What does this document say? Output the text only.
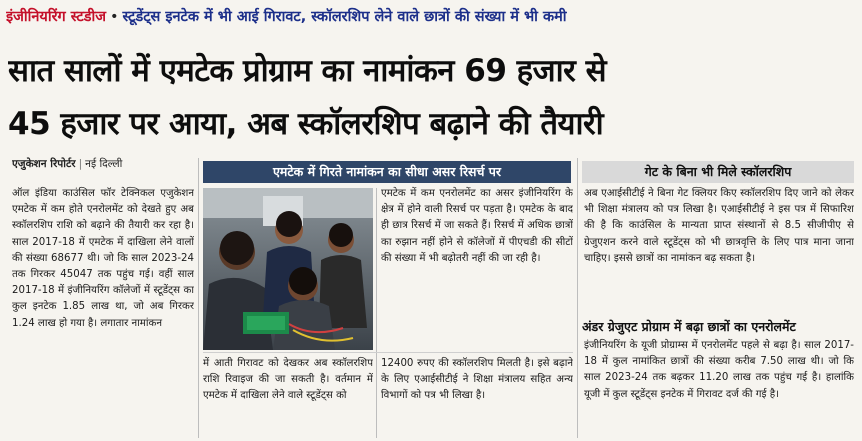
इंजीनियरिंग स्टडीज • स्टूडेंट्स इनटेक में भी आई गिरावट, स्कॉलरशिप लेने वाले छात्रों की संख्या में भी कमी
सात सालों में एमटेक प्रोग्राम का नामांकन 69 हजार से
45 हजार पर आया, अब स्कॉलरशिप बढ़ाने की तैयारी
एजुकेशन रिपोर्टर | नई दिल्ली
ऑल इंडिया काउंसिल फॉर टेक्निकल एजुकेशन एमटेक में कम होते एनरोलमेंट को देखते हुए अब स्कॉलरशिप राशि को बढ़ाने की तैयारी कर रहा है। साल 2017-18 में एमटेक में दाखिला लेने वालों की संख्या 68677 थी। जो कि साल 2023-24 तक गिरकर 45047 तक पहुंच गई। वहीं साल 2017-18 में इंजीनियरिंग कॉलेजों में स्टूडेंट्स का कुल इनटेक 1.85 लाख था, जो अब गिरकर 1.24 लाख हो गया है। लगातार नामांकन
एमटेक में गिरते नामांकन का सीधा असर रिसर्च पर
में आती गिरावट को देखकर अब स्कॉलरशिप राशि रिवाइज की जा सकती है। वर्तमान में एमटेक में दाखिला लेने वाले स्टूडेंट्स को
एमटेक में कम एनरोलमेंट का असर इंजीनियरिंग के क्षेत्र में होने वाली रिसर्च पर पड़ता है। एमटेक के बाद ही छात्र रिसर्च में जा सकते हैं। रिसर्च में अधिक छात्रों का रुझान नहीं होने से कॉलेजों में पीएचडी की सीटों की संख्या में भी बढ़ोतरी नहीं की जा रही है।
12400 रुपए की स्कॉलरशिप मिलती है। इसे बढ़ाने के लिए एआईसीटीई ने शिक्षा मंत्रालय सहित अन्य विभागों को पत्र भी लिखा है।
गेट के बिना भी मिले स्कॉलरशिप
अब एआईसीटीई ने बिना गेट क्लियर किए स्कॉलरशिप दिए जाने को लेकर भी शिक्षा मंत्रालय को पत्र लिखा है। एआईसीटीई ने इस पत्र में सिफारिश की है कि काउंसिल के मान्यता प्राप्त संस्थानों से 8.5 सीजीपीए से ग्रेजुएशन करने वाले स्टूडेंट्स को भी छात्रवृत्ति के लिए पात्र माना जाना चाहिए। इससे छात्रों का नामांकन बढ़ सकता है।
अंडर ग्रेजुएट प्रोग्राम में बढ़ा छात्रों का एनरोलमेंट
इंजीनियरिंग के यूजी प्रोग्राम्स में एनरोलमेंट पहले से बढ़ा है। साल 2017-18 में कुल नामांकित छात्रों की संख्या करीब 7.50 लाख थी। जो कि साल 2023-24 तक बढ़कर 11.20 लाख तक पहुंच गई है। हालांकि यूजी में कुल स्टूडेंट्स इनटेक में गिरावट दर्ज की गई है।
